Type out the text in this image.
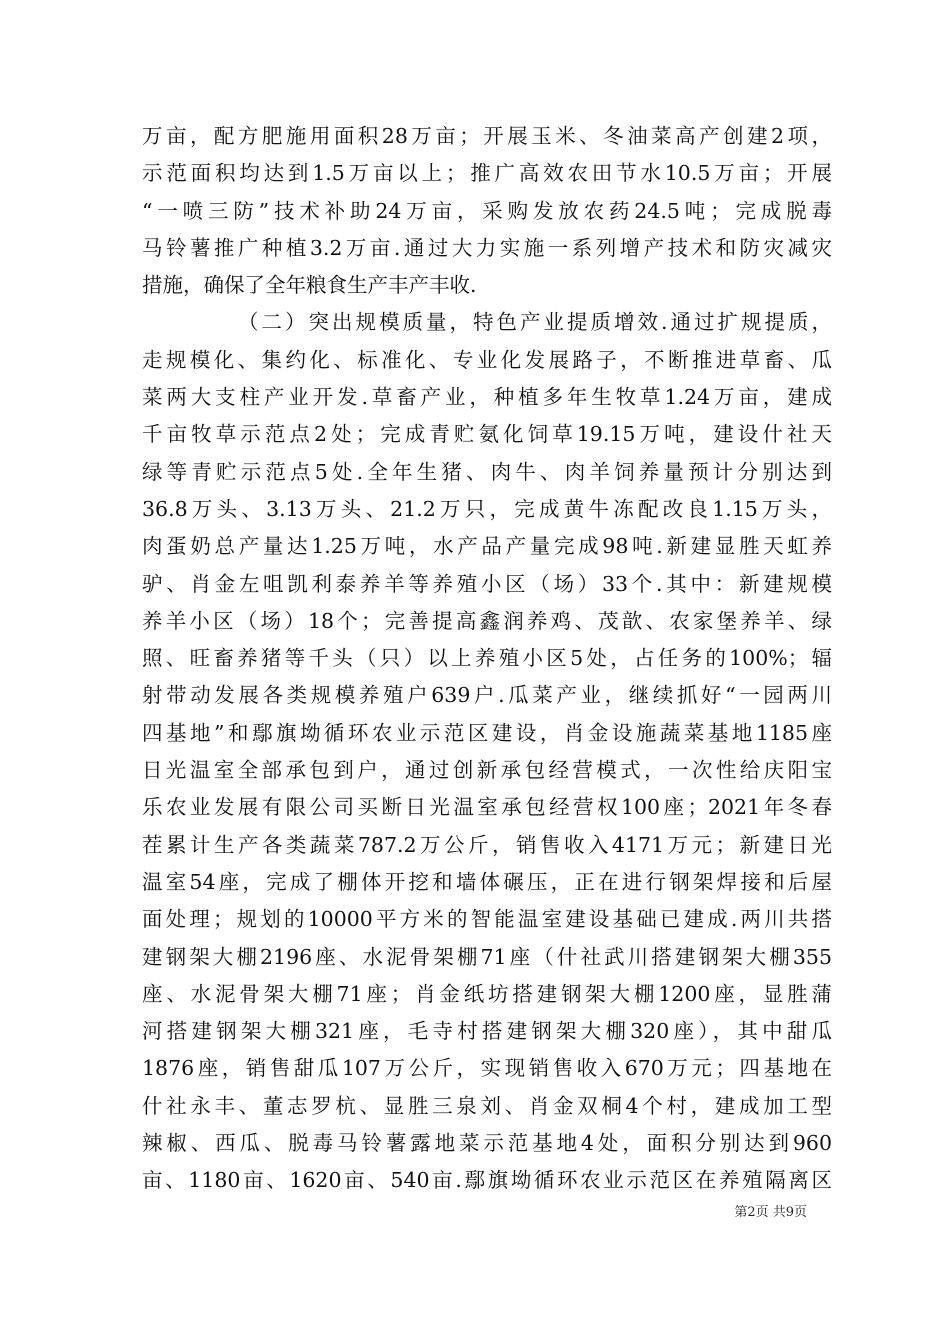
万亩，配方肥施用面积28万亩；开展玉米、冬油菜高产创建2项，
示范面积均达到1.5万亩以上；推广高效农田节水10.5万亩；开展
“一喷三防”技术补助24万亩，采购发放农药24.5吨；完成脱毒
马铃薯推广种植3.2万亩.通过大力实施一系列增产技术和防灾减灾
措施，确保了全年粮食生产丰产丰收.
（二）突出规模质量，特色产业提质增效.通过扩规提质，
走规模化、集约化、标准化、专业化发展路子，不断推进草畜、瓜
菜两大支柱产业开发.草畜产业，种植多年生牧草1.24万亩，建成
千亩牧草示范点2处；完成青贮氨化饲草19.15万吨，建设什社天
绿等青贮示范点5处.全年生猪、肉牛、肉羊饲养量预计分别达到
36.8万头、3.13万头、21.2万只，完成黄牛冻配改良1.15万头，
肉蛋奶总产量达1.25万吨，水产品产量完成98吨.新建显胜天虹养
驴、肖金左咀凯利泰养羊等养殖小区（场）33个.其中：新建规模
养羊小区（场）18个；完善提高鑫润养鸡、茂歆、农家堡养羊、绿
照、旺畜养猪等千头（只）以上养殖小区5处，占任务的100%；辐
射带动发展各类规模养殖户639户.瓜菜产业，继续抓好“一园两川
四基地”和鄢旗坳循环农业示范区建设，肖金设施蔬菜基地1185座
日光温室全部承包到户，通过创新承包经营模式，一次性给庆阳宝
乐农业发展有限公司买断日光温室承包经营权100座；2021年冬春
茬累计生产各类蔬菜787.2万公斤，销售收入4171万元；新建日光
温室54座，完成了棚体开挖和墙体碾压，正在进行钢架焊接和后屋
面处理；规划的10000平方米的智能温室建设基础已建成.两川共搭
建钢架大棚2196座、水泥骨架棚71座（什社武川搭建钢架大棚355
座、水泥骨架大棚71座；肖金纸坊搭建钢架大棚1200座，显胜蒲
河搭建钢架大棚321座，毛寺村搭建钢架大棚320座），其中甜瓜
1876座，销售甜瓜107万公斤，实现销售收入670万元；四基地在
什社永丰、董志罗杭、显胜三泉刘、肖金双桐4个村，建成加工型
辣椒、西瓜、脱毒马铃薯露地菜示范基地4处，面积分别达到960
亩、1180亩、1620亩、540亩.鄢旗坳循环农业示范区在养殖隔离区
第2页 共9页
